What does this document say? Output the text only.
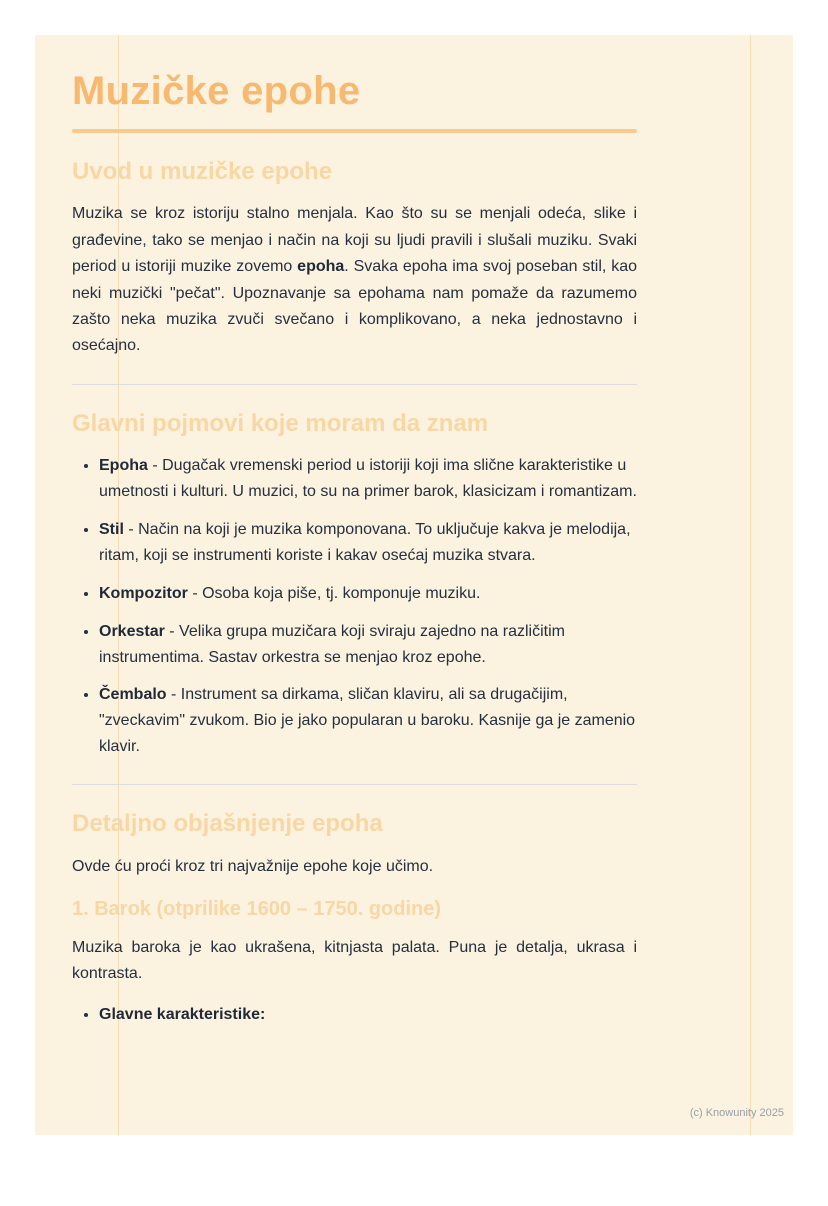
Muzičke epohe
Uvod u muzičke epohe

Muzika se kroz istoriju stalno menjala. Kao što su se menjali odeća, slike i građevine, tako se menjao i način na koji su ljudi pravili i slušali muziku. Svaki period u istoriji muzike zovemo epoha. Svaka epoha ima svoj poseban stil, kao neki muzički "pečat". Upoznavanje sa epohama nam pomaže da razumemo zašto neka muzika zvuči svečano i komplikovano, a neka jednostavno i osećajno.

Glavni pojmovi koje moram da znam
• Epoha - Dugačak vremenski period u istoriji koji ima slične karakteristike u umetnosti i kulturi. U muzici, to su na primer barok, klasicizam i romantizam.
• Stil - Način na koji je muzika komponovana. To uključuje kakva je melodija, ritam, koji se instrumenti koriste i kakav osećaj muzika stvara.
• Kompozitor - Osoba koja piše, tj. komponuje muziku.
• Orkestar - Velika grupa muzičara koji sviraju zajedno na različitim instrumentima. Sastav orkestra se menjao kroz epohe.
• Čembalo - Instrument sa dirkama, sličan klaviru, ali sa drugačijim, "zveckavim" zvukom. Bio je jako popularan u baroku. Kasnije ga je zamenio klavir.
Detaljno objašnjenje epoha

Ovde ću proći kroz tri najvažnije epohe koje učimo.

1. Barok (otprilike 1600 – 1750. godine)

Muzika baroka je kao ukrašena, kitnjasta palata. Puna je detalja, ukrasa i kontrasta.

• Glavne karakteristike:
(c) Knowunity 2025
